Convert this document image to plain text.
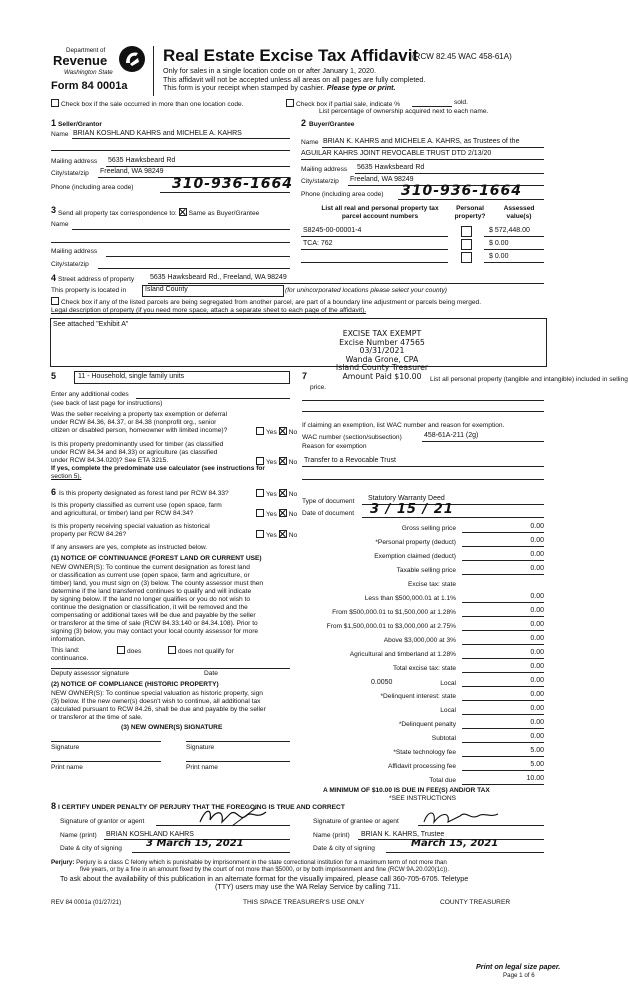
Department of
Revenue
Washington State
Form 84 0001a
Real Estate Excise Tax Affidavit
(RCW 82.45 WAC 458-61A)
Only for sales in a single location code on or after January 1, 2020.
This affidavit will not be accepted unless all areas on all pages are fully completed.
This form is your receipt when stamped by cashier. Please type or print.
Check box if the sale occurred in more than one location code.	Check box if partial sale, indicate %	sold.
List percentage of ownership acquired next to each name.
1 Seller/Grantor
Name BRIAN KOSHLAND KAHRS and MICHELE A. KAHRS
Mailing address 5635 Hawksbeard Rd
City/state/zip Freeland, WA 98249
Phone (including area code)	310-936-1664
2 Buyer/Grantee
Name BRIAN K. KAHRS and MICHELE A. KAHRS, as Trustees of the
AGUILAR KAHRS JOINT REVOCABLE TRUST DTD 2/13/20
Mailing address 5635 Hawksbeard Rd
City/state/zip Freeland, WA 98249
Phone (including area code) 310-936-1664
3 Send all property tax correspondence to: Same as Buyer/Grantee
Name
Mailing address
City/state/zip
List all real and personal property tax
parcel account numbers
Personal
property?
Assessed
value(s)
S8245-00-00001-4	$ 572,448.00
TCA: 762	$ 0.00
$ 0.00
4 Street address of property 5635 Hawksbeard Rd., Freeland, WA 98249
This property is located in	Island County	(for unincorporated locations please select your county)
Check box if any of the listed parcels are being segregated from another parcel, are part of a boundary line adjustment or parcels being merged.
Legal description of property (if you need more space, attach a separate sheet to each page of the affidavit).
See attached "Exhibit A"
EXCISE TAX EXEMPT
Excise Number 47565
03/31/2021
Wanda Grone, CPA
Island County Treasurer
Amount Paid $10.00
5	11 - Household, single family units
Enter any additional codes
(see back of last page for instructions)
Was the seller receiving a property tax exemption or deferral
under RCW 84.36, 84.37, or 84.38 (nonprofit org., senior
citizen or disabled person, homeowner with limited income)?	Yes No
Is this property predominantly used for timber (as classified
under RCW 84.34 and 84.33) or agriculture (as classified
under RCW 84.34.020)? See ETA 3215.
If yes, complete the predominate use calculator (see instructions for
section 5).
Yes No
7	List all personal property (tangible and intangible) included in selling
price.
If claiming an exemption, list WAC number and reason for exemption.
WAC number (section/subsection)	458-61A-211 (2g)
Reason for exemption
Transfer to a Revocable Trust
Type of document Statutory Warranty Deed
Date of document 3 / 15 / 21
6 Is this property designated as forest land per RCW 84.33?	Yes No
Is this property classified as current use (open space, farm
and agricultural, or timber) land per RCW 84.34?	Yes No
Is this property receiving special valuation as historical
property per RCW 84.26?	Yes No
If any answers are yes, complete as instructed below.
(1) NOTICE OF CONTINUANCE (FOREST LAND OR CURRENT USE)
NEW OWNER(S): To continue the current designation as forest land
or classification as current use (open space, farm and agriculture, or
timber) land, you must sign on (3) below. The county assessor must then
determine if the land transferred continues to qualify and will indicate
by signing below. If the land no longer qualifies or you do not wish to
continue the designation or classification, it will be removed and the
compensating or additional taxes will be due and payable by the seller
or transferor at the time of sale (RCW 84.33.140 or 84.34.108). Prior to
signing (3) below, you may contact your local county assessor for more
information.
This land:	does	does not qualify for
continuance.
Deputy assessor signature	Date
(2) NOTICE OF COMPLIANCE (HISTORIC PROPERTY)
NEW OWNER(S): To continue special valuation as historic property, sign
(3) below. If the new owner(s) doesn't wish to continue, all additional tax
calculated pursuant to RCW 84.26, shall be due and payable by the seller
or transferor at the time of sale.
(3) NEW OWNER(S) SIGNATURE
Signature	Signature
Print name	Print name
Gross selling price	0.00
*Personal property (deduct)	0.00
Exemption claimed (deduct)	0.00
Taxable selling price	0.00
Excise tax: state
Less than $500,000.01 at 1.1%	0.00
From $500,000.01 to $1,500,000 at 1.28%	0.00
From $1,500,000.01 to $3,000,000 at 2.75%	0.00
Above $3,000,000 at 3%	0.00
Agricultural and timberland at 1.28%	0.00
Total excise tax: state	0.00
0.0050	Local	0.00
*Delinquent interest: state	0.00
Local	0.00
*Delinquent penalty	0.00
Subtotal	0.00
*State technology fee	5.00
Affidavit processing fee	5.00
Total due	10.00
A MINIMUM OF $10.00 IS DUE IN FEE(S) AND/OR TAX
*SEE INSTRUCTIONS
8 I CERTIFY UNDER PENALTY OF PERJURY THAT THE FOREGOING IS TRUE AND CORRECT
Signature of grantor or agent
Name (print) BRIAN KOSHLAND KAHRS
Date & city of signing 3 March 15, 2021
Signature of grantee or agent
Name (print) BRIAN K. KAHRS, Trustee
Date & city of signing	March 15, 2021
Perjury: Perjury is a class C felony which is punishable by imprisonment in the state correctional institution for a maximum term of not more than
five years, or by a fine in an amount fixed by the court of not more than $5000, or by both imprisonment and fine (RCW 9A.20.020(1c)).
To ask about the availability of this publication in an alternate format for the visually impaired, please call 360-705-6705. Teletype
(TTY) users may use the WA Relay Service by calling 711.
REV 84 0001a (01/27/21)	THIS SPACE TREASURER'S USE ONLY	COUNTY TREASURER
Print on legal size paper.
Page 1 of 6
